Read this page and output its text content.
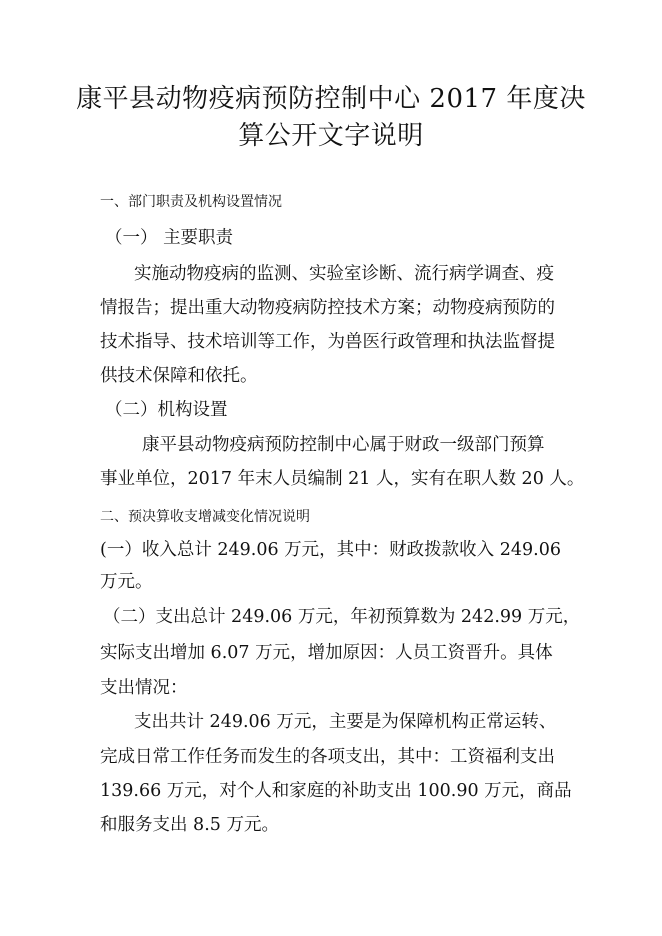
康平县动物疫病预防控制中心 2017 年度决
算公开文字说明
一、部门职责及机构设置情况
（一） 主要职责
实施动物疫病的监测、实验室诊断、流行病学调查、疫
情报告；提出重大动物疫病防控技术方案；动物疫病预防的
技术指导、技术培训等工作，为兽医行政管理和执法监督提
供技术保障和依托。
（二）机构设置
康平县动物疫病预防控制中心属于财政一级部门预算
事业单位，2017 年末人员编制 21 人，实有在职人数 20 人。
二、预决算收支增减变化情况说明
(一）收入总计 249.06 万元，其中：财政拨款收入 249.06
万元。
（二）支出总计 249.06 万元，年初预算数为 242.99 万元，
实际支出增加 6.07 万元，增加原因：人员工资晋升。具体
支出情况：
支出共计 249.06 万元，主要是为保障机构正常运转、
完成日常工作任务而发生的各项支出，其中：工资福利支出
139.66 万元，对个人和家庭的补助支出 100.90 万元，商品
和服务支出 8.5 万元。
